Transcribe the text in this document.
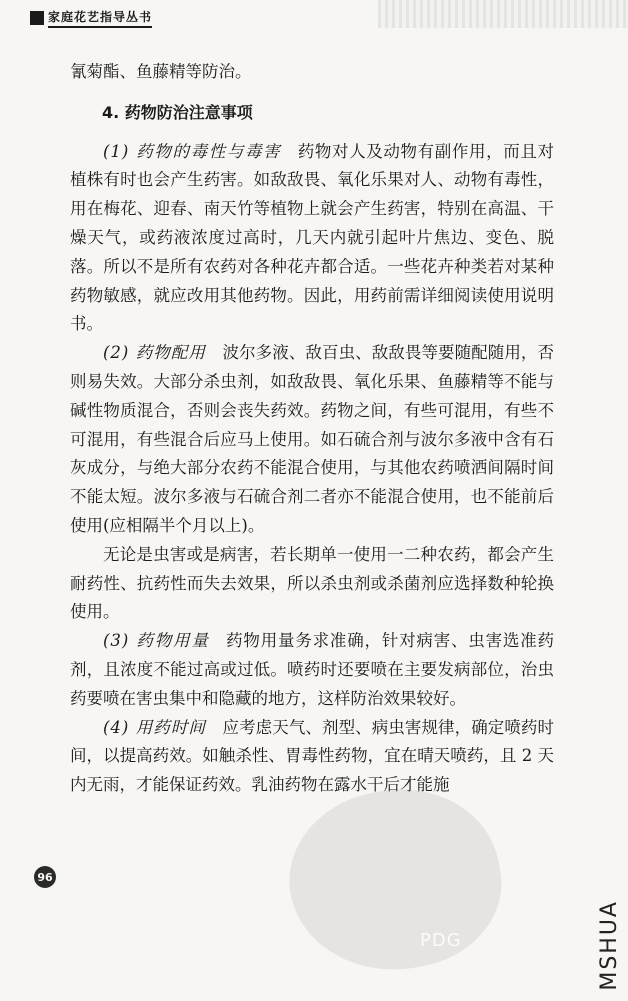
家庭花艺指导丛书

氰菊酯、鱼藤精等防治。

4. 药物防治注意事项

(1) 药物的毒性与毒害 药物对人及动物有副作用，而且对植株有时也会产生药害。如敌敌畏、氧化乐果对人、动物有毒性，用在梅花、迎春、南天竹等植物上就会产生药害，特别在高温、干燥天气，或药液浓度过高时，几天内就引起叶片焦边、变色、脱落。所以不是所有农药对各种花卉都合适。一些花卉种类若对某种药物敏感，就应改用其他药物。因此，用药前需详细阅读使用说明书。

(2) 药物配用 波尔多液、敌百虫、敌敌畏等要随配随用，否则易失效。大部分杀虫剂，如敌敌畏、氧化乐果、鱼藤精等不能与碱性物质混合，否则会丧失药效。药物之间，有些可混用，有些不可混用，有些混合后应马上使用。如石硫合剂与波尔多液中含有石灰成分，与绝大部分农药不能混合使用，与其他农药喷洒间隔时间不能太短。波尔多液与石硫合剂二者亦不能混合使用，也不能前后使用(应相隔半个月以上)。

无论是虫害或是病害，若长期单一使用一二种农药，都会产生耐药性、抗药性而失去效果，所以杀虫剂或杀菌剂应选择数种轮换使用。

(3) 药物用量 药物用量务求准确，针对病害、虫害选准药剂，且浓度不能过高或过低。喷药时还要喷在主要发病部位，治虫药要喷在害虫集中和隐藏的地方，这样防治效果较好。

(4) 用药时间 应考虑天气、剂型、病虫害规律，确定喷药时间，以提高药效。如触杀性、胃毒性药物，宜在晴天喷药，且 2 天内无雨，才能保证药效。乳油药物在露水干后才能施

96
PDG	MSHUA
